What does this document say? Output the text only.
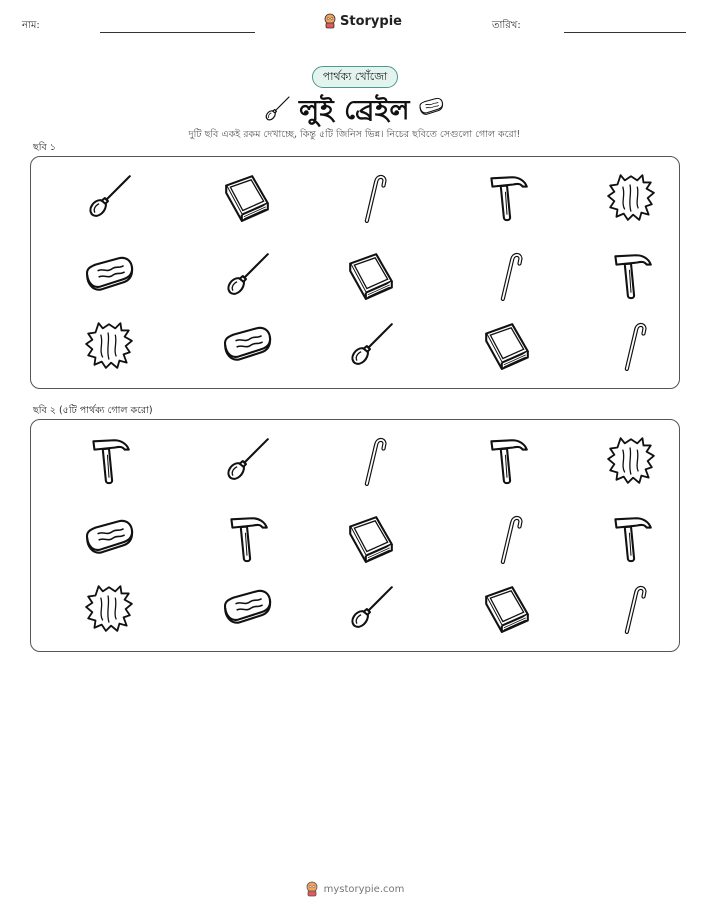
নাম:	Storypie	তারিখ:
পার্থক্য খোঁজো
লুই ব্রেইল
দুটি ছবি একই রকম দেখাচ্ছে, কিন্তু ৫টি জিনিস ভিন্ন। নিচের ছবিতে সেগুলো গোল করো!
ছবি ১
ছবি ২ (৫টি পার্থক্য গোল করো)
mystorypie.com
